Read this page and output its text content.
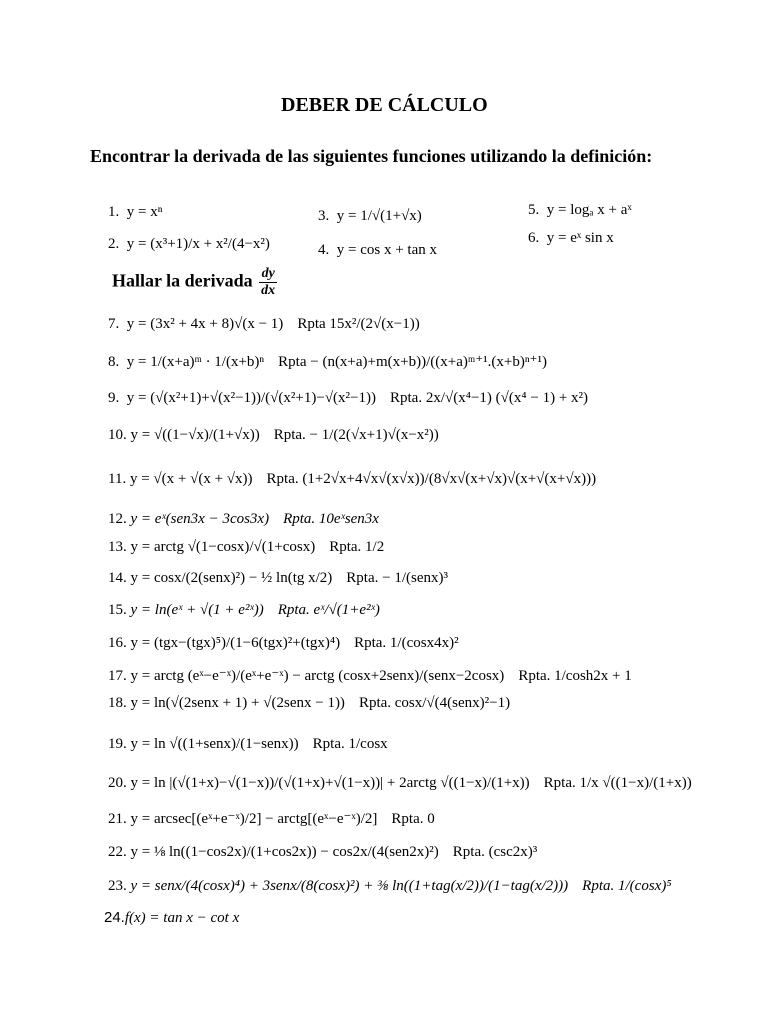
DEBER DE CÁLCULO
Encontrar la derivada de las siguientes funciones utilizando la definición:
1. y = xⁿ
2. y = (x³+1)/x + x²/(4−x²)
3. y = 1/√(1+√x)
4. y = cos x + tan x
5. y = logₐ x + aˣ
6. y = eˣ sin x
Hallar la derivada $\frac{dy}{dx}$
7. y = (3x² + 4x + 8)√(x − 1) Rpta 15x²/(2√(x−1))
8. y = 1/(x+a)ᵐ · 1/(x+b)ⁿ Rpta − (n(x+a)+m(x+b))/((x+a)ᵐ⁺¹.(x+b)ⁿ⁺¹)
9. y = (√(x²+1)+√(x²−1))/(√(x²+1)−√(x²−1)) Rpta. 2x/√(x⁴−1) (√(x⁴ − 1) + x²)
10. y = √((1−√x)/(1+√x)) Rpta. − 1/(2(√x+1)√(x−x²))
11. y = √(x + √(x + √x)) Rpta. (1+2√x+4√x√(x√x))/(8√x√(x+√x)√(x+√(x+√x)))
12. y = eˣ(sen3x − 3cos3x) Rpta. 10eˣsen3x
13. y = arctg √(1−cosx)/√(1+cosx) Rpta. 1/2
14. y = cosx/(2(senx)²) − ½ ln(tg x/2) Rpta. − 1/(senx)³
15. y = ln(eˣ + √(1 + e²ˣ)) Rpta. eˣ/√(1+e²ˣ)
16. y = (tgx−(tgx)⁵)/(1−6(tgx)²+(tgx)⁴) Rpta. 1/(cosx4x)²
17. y = arctg (eˣ−e⁻ˣ)/(eˣ+e⁻ˣ) − arctg (cosx+2senx)/(senx−2cosx) Rpta. 1/cosh2x + 1
18. y = ln(√(2senx + 1) + √(2senx − 1)) Rpta. cosx/√(4(senx)²−1)
19. y = ln √((1+senx)/(1−senx)) Rpta. 1/cosx
20. y = ln |(√(1+x)−√(1−x))/(√(1+x)+√(1−x))| + 2arctg √((1−x)/(1+x)) Rpta. 1/x √((1−x)/(1+x))
21. y = arcsec[(eˣ+e⁻ˣ)/2] − arctg[(eˣ−e⁻ˣ)/2] Rpta. 0
22. y = ⅛ ln((1−cos2x)/(1+cos2x)) − cos2x/(4(sen2x)²) Rpta. (csc2x)³
23. y = senx/(4(cosx)⁴) + 3senx/(8(cosx)²) + ⅜ ln((1+tag(x/2))/(1−tag(x/2))) Rpta. 1/(cosx)⁵
24.f(x) = tan x − cot x
